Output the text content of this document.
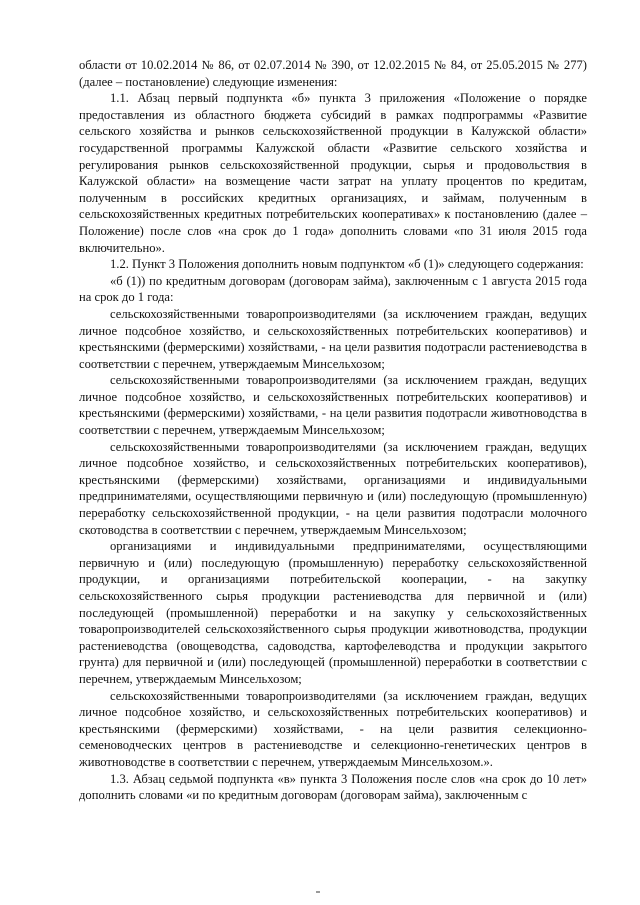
области от 10.02.2014 № 86, от 02.07.2014 № 390, от 12.02.2015 № 84, от 25.05.2015 № 277) (далее – постановление) следующие изменения:

1.1. Абзац первый подпункта «б» пункта 3 приложения «Положение о порядке предоставления из областного бюджета субсидий в рамках подпрограммы «Развитие сельского хозяйства и рынков сельскохозяйственной продукции в Калужской области» государственной программы Калужской области «Развитие сельского хозяйства и регулирования рынков сельскохозяйственной продукции, сырья и продовольствия в Калужской области» на возмещение части затрат на уплату процентов по кредитам, полученным в российских кредитных организациях, и займам, полученным в сельскохозяйственных кредитных потребительских кооперативах» к постановлению (далее – Положение) после слов «на срок до 1 года» дополнить словами «по 31 июля 2015 года включительно».

1.2. Пункт 3 Положения дополнить новым подпунктом «б (1)» следующего содержания:

«б (1)) по кредитным договорам (договорам займа), заключенным с 1 августа 2015 года на срок до 1 года:

сельскохозяйственными товаропроизводителями (за исключением граждан, ведущих личное подсобное хозяйство, и сельскохозяйственных потребительских кооперативов) и крестьянскими (фермерскими) хозяйствами, - на цели развития подотрасли растениеводства в соответствии с перечнем, утверждаемым Минсельхозом;

сельскохозяйственными товаропроизводителями (за исключением граждан, ведущих личное подсобное хозяйство, и сельскохозяйственных потребительских кооперативов) и крестьянскими (фермерскими) хозяйствами, - на цели развития подотрасли животноводства в соответствии с перечнем, утверждаемым Минсельхозом;

сельскохозяйственными товаропроизводителями (за исключением граждан, ведущих личное подсобное хозяйство, и сельскохозяйственных потребительских кооперативов), крестьянскими (фермерскими) хозяйствами, организациями и индивидуальными предпринимателями, осуществляющими первичную и (или) последующую (промышленную) переработку сельскохозяйственной продукции, - на цели развития подотрасли молочного скотоводства в соответствии с перечнем, утверждаемым Минсельхозом;

организациями и индивидуальными предпринимателями, осуществляющими первичную и (или) последующую (промышленную) переработку сельскохозяйственной продукции, и организациями потребительской кооперации, - на закупку сельскохозяйственного сырья продукции растениеводства для первичной и (или) последующей (промышленной) переработки и на закупку у сельскохозяйственных товаропроизводителей сельскохозяйственного сырья продукции животноводства, продукции растениеводства (овощеводства, садоводства, картофелеводства и продукции закрытого грунта) для первичной и (или) последующей (промышленной) переработки в соответствии с перечнем, утверждаемым Минсельхозом;

сельскохозяйственными товаропроизводителями (за исключением граждан, ведущих личное подсобное хозяйство, и сельскохозяйственных потребительских кооперативов) и крестьянскими (фермерскими) хозяйствами, - на цели развития селекционно-семеноводческих центров в растениеводстве и селекционно-генетических центров в животноводстве в соответствии с перечнем, утверждаемым Минсельхозом.».

1.3. Абзац седьмой подпункта «в» пункта 3 Положения после слов «на срок до 10 лет» дополнить словами «и по кредитным договорам (договорам займа), заключенным с
